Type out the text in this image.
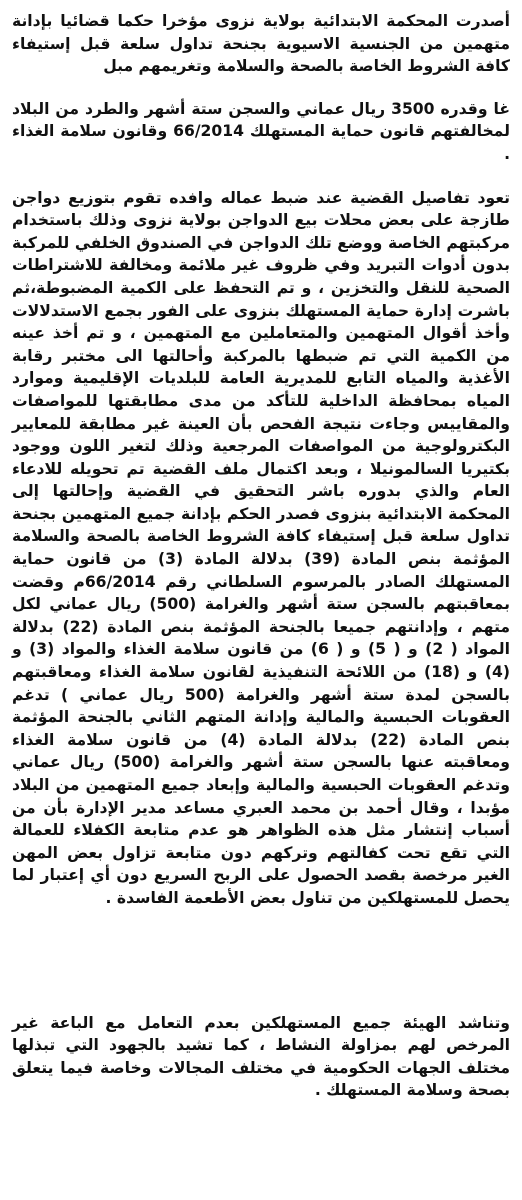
أصدرت المحكمة الابتدائية بولاية نزوى مؤخرا حكما قضائيا بإدانة متهمين من الجنسية الاسيوية بجنحة تداول سلعة قبل إستيفاء كافة الشروط الخاصة بالصحة والسلامة وتغريمهم مبل

غا وقدره 3500 ريال عماني والسجن ستة أشهر والطرد من البلاد لمخالفتهم قانون حماية المستهلك 66/2014 وقانون سلامة الغذاء .

تعود تفاصيل القضية عند ضبط عماله وافده تقوم بتوزيع دواجن طازجة على بعض محلات بيع الدواجن بولاية نزوى وذلك باستخدام مركبتهم الخاصة ووضع تلك الدواجن في الصندوق الخلفي للمركبة بدون أدوات التبريد وفي ظروف غير ملائمة ومخالفة للاشتراطات الصحية للنقل والتخزين ، و تم التحفظ على الكمية المضبوطة،ثم باشرت إدارة حماية المستهلك بنزوى على الفور بجمع الاستدلالات وأخذ أقوال المتهمين والمتعاملين مع المتهمين ، و تم أخذ عينه من الكمية التي تم ضبطها بالمركبة وأحالتها الى مختبر رقابة الأغذية والمياه التابع للمديرية العامة للبلديات الإقليمية وموارد المياه بمحافظة الداخلية للتأكد من مدى مطابقتها للمواصفات والمقاييس وجاءت نتيجة الفحص بأن العينة غير مطابقة للمعايير البكترولوجية من المواصفات المرجعية وذلك لتغير اللون ووجود بكتيريا السالمونيلا ، وبعد اكتمال ملف القضية تم تحويله للادعاء العام والذي بدوره باشر التحقيق في القضية وإحالتها إلى المحكمة الابتدائية بنزوى فصدر الحكم بإدانة جميع المتهمين بجنحة تداول سلعة قبل إستيفاء كافة الشروط الخاصة بالصحة والسلامة المؤثمة بنص المادة (39) بدلالة المادة (3) من قانون حماية المستهلك الصادر بالمرسوم السلطاني رقم 66/2014م وقضت بمعاقبتهم بالسجن ستة أشهر والغرامة (500) ريال عماني لكل متهم ، وإدانتهم جميعا بالجنحة المؤثمة بنص المادة (22) بدلالة المواد ( 2) و ( 5) و ( 6) من قانون سلامة الغذاء والمواد (3) و (4) و (18) من اللائحة التنفيذية لقانون سلامة الغذاء ومعاقبتهم بالسجن لمدة ستة أشهر والغرامة (500 ريال عماني ) تدغم العقوبات الحبسية والمالية وإدانة المتهم الثاني بالجنحة المؤثمة بنص المادة (22) بدلالة المادة (4) من قانون سلامة الغذاء ومعاقبته عنها بالسجن ستة أشهر والغرامة (500) ريال عماني وتدغم العقوبات الحبسية والمالية وإبعاد جميع المتهمين من البلاد مؤبدا ، وقال أحمد بن محمد العبري مساعد مدير الإدارة بأن من أسباب إنتشار مثل هذه الظواهر هو عدم متابعة الكفلاء للعمالة التي تقع تحت كفالتهم وتركهم دون متابعة تزاول بعض المهن الغير مرخصة بقصد الحصول على الربح السريع دون أي إعتبار لما يحصل للمستهلكين من تناول بعض الأطعمة الفاسدة .

وتناشد الهيئة جميع المستهلكين بعدم التعامل مع الباعة غير المرخص لهم بمزاولة النشاط ، كما تشيد بالجهود التي تبذلها مختلف الجهات الحكومية في مختلف المجالات وخاصة فيما يتعلق بصحة وسلامة المستهلك .
